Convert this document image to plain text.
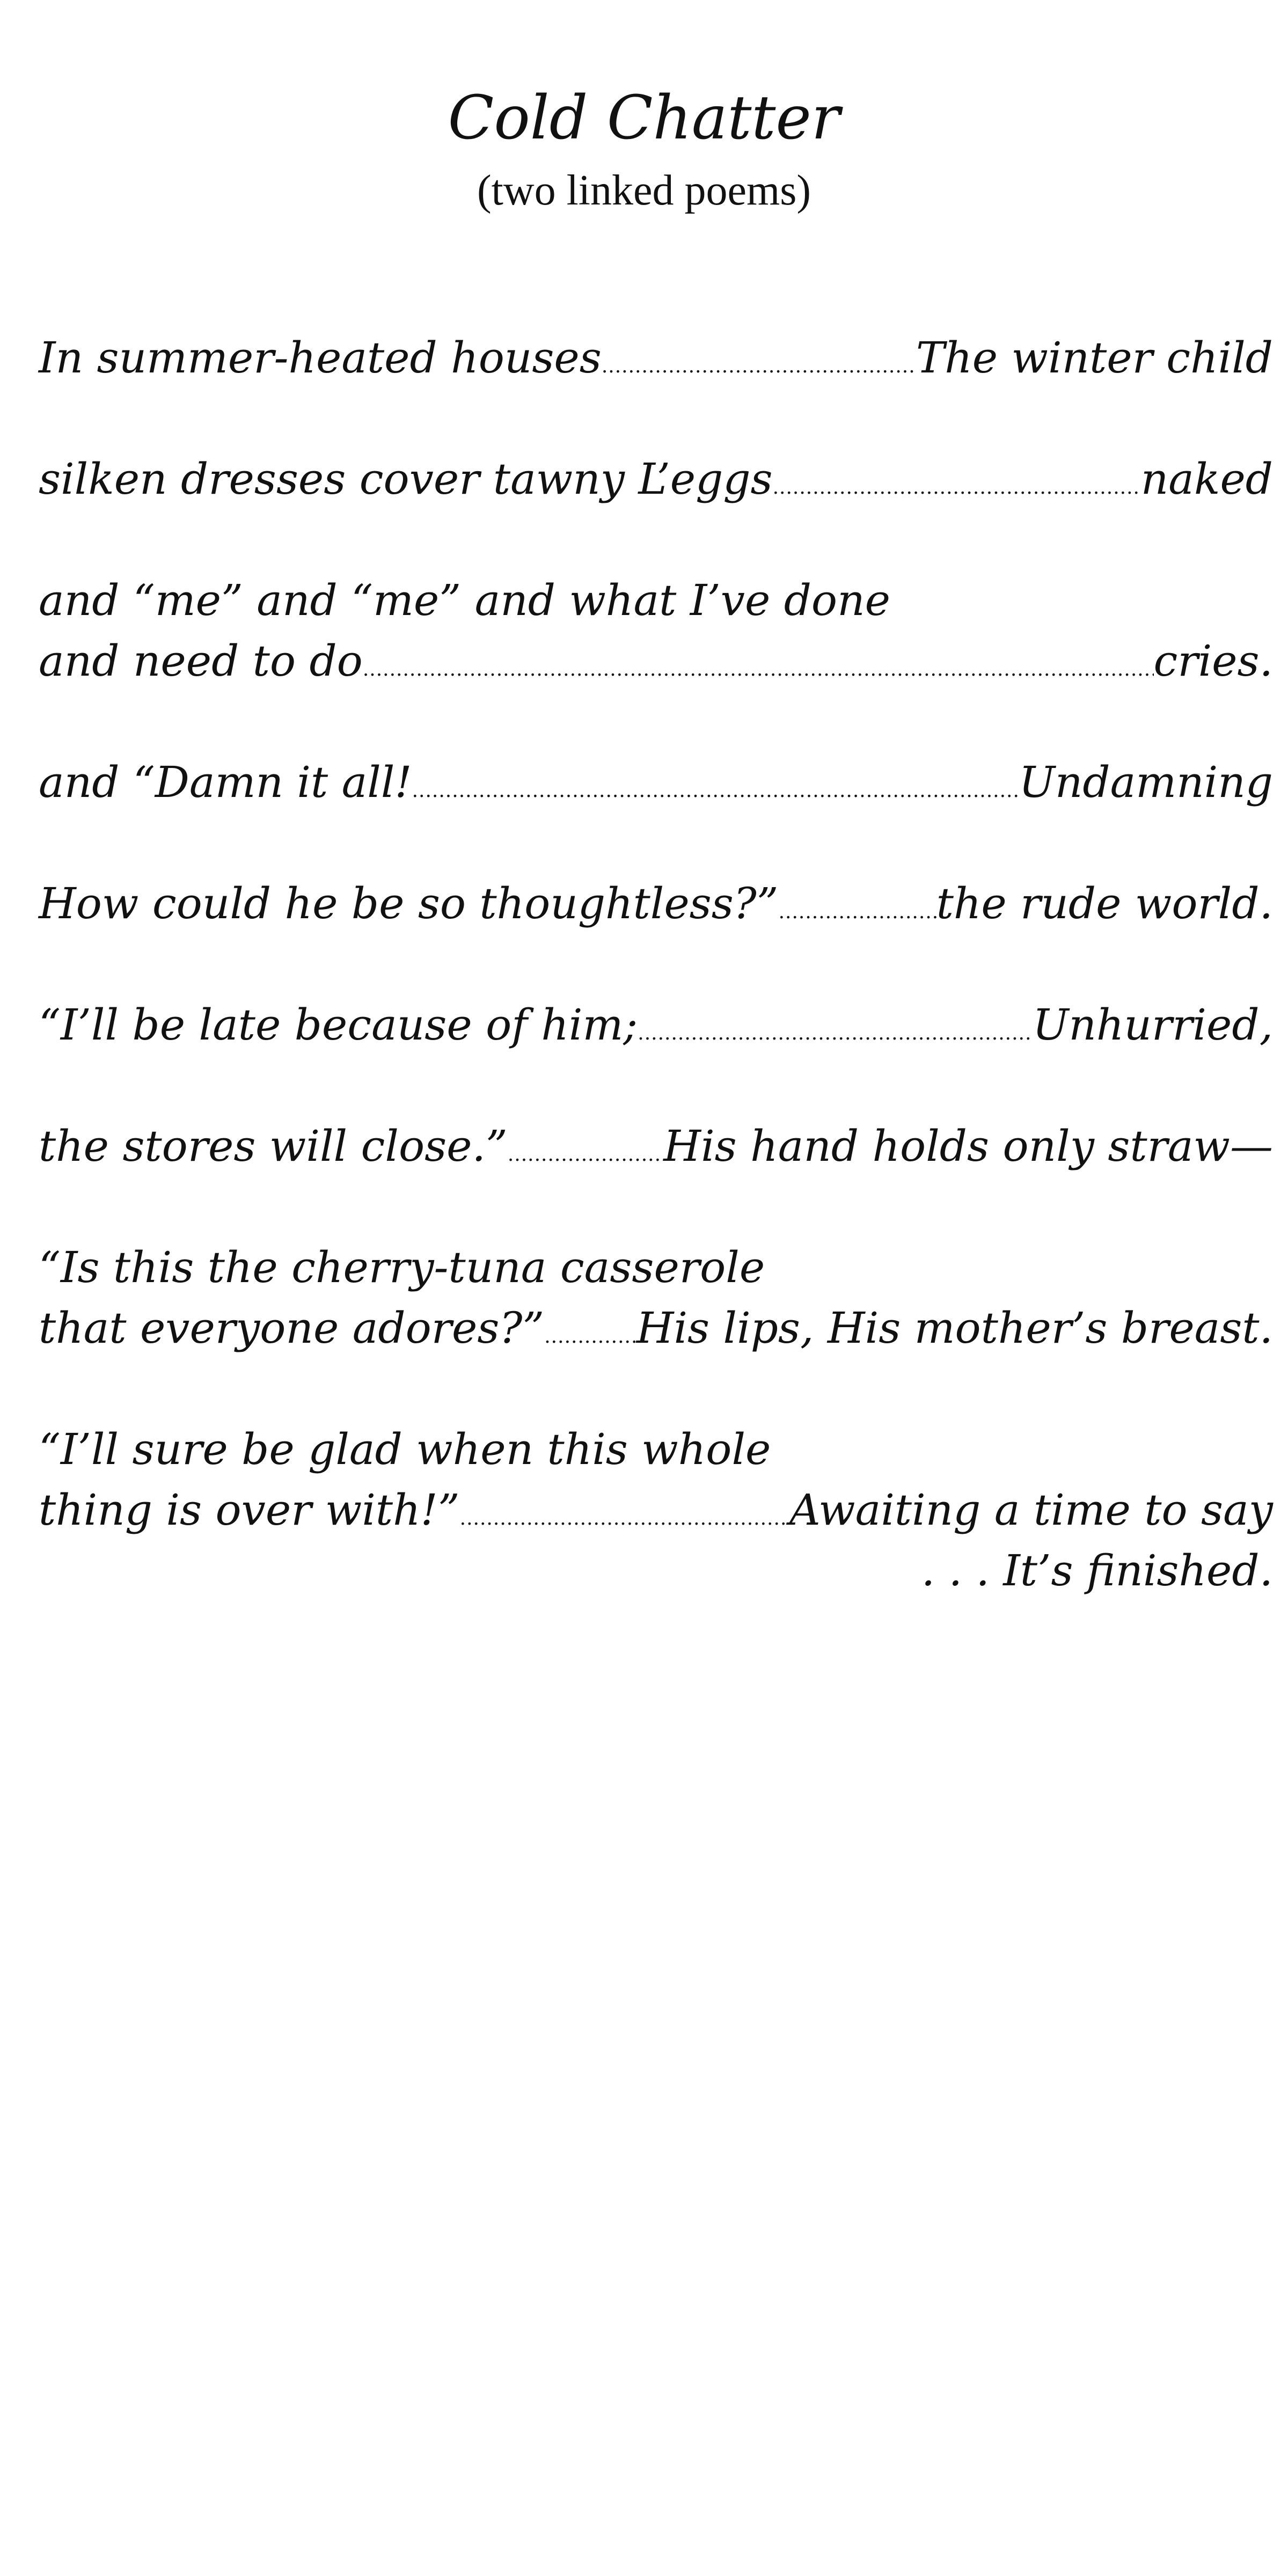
Cold Chatter
(two linked poems)
In summer-heated houses .....	The winter child
silken dresses cover tawny L’eggs .....	naked
and “me” and “me” and what I’ve done
and need to do .....	cries.
and “Damn it all! .....	Undamning
How could he be so thoughtless?” .....	the rude world.
“I’ll be late because of him; .....	Unhurried,
the stores will close.” .....	His hand holds only straw—
“Is this the cherry-tuna casserole
that everyone adores?” ..... His lips, His mother’s breast.
“I’ll sure be glad when this whole
thing is over with!” .....	Awaiting a time to say
. . . It’s finished.
